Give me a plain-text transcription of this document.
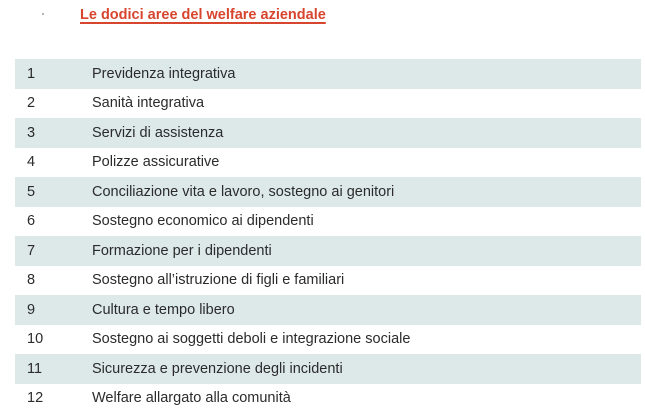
Le dodici aree del welfare aziendale
1	Previdenza integrativa
2	Sanità integrativa
3	Servizi di assistenza
4	Polizze assicurative
5	Conciliazione vita e lavoro, sostegno ai genitori
6	Sostegno economico ai dipendenti
7	Formazione per i dipendenti
8	Sostegno all’istruzione di figli e familiari
9	Cultura e tempo libero
10	Sostegno ai soggetti deboli e integrazione sociale
11	Sicurezza e prevenzione degli incidenti
12	Welfare allargato alla comunità
